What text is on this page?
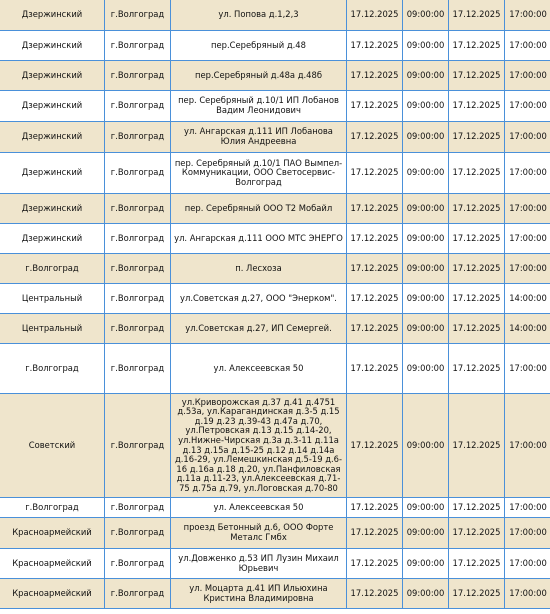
Дзержинский	г.Волгоград	ул. Попова д.1,2,3	17.12.2025	09:00:00	17.12.2025	17:00:00
Дзержинский	г.Волгоград	пер.Серебряный д.48	17.12.2025	09:00:00	17.12.2025	17:00:00
Дзержинский	г.Волгоград	пер.Серебряный д.48а д.48б	17.12.2025	09:00:00	17.12.2025	17:00:00
Дзержинский	г.Волгоград	пер. Серебряный д.10/1 ИП Лобанов Вадим Леонидович	17.12.2025	09:00:00	17.12.2025	17:00:00
Дзержинский	г.Волгоград	ул. Ангарская д.111 ИП Лобанова Юлия Андреевна	17.12.2025	09:00:00	17.12.2025	17:00:00
Дзержинский	г.Волгоград	пер. Серебряный д.10/1 ПАО Вымпел-Коммуникации, ООО Светосервис-Волгоград	17.12.2025	09:00:00	17.12.2025	17:00:00
Дзержинский	г.Волгоград	пер. Серебряный ООО Т2 Мобайл	17.12.2025	09:00:00	17.12.2025	17:00:00
Дзержинский	г.Волгоград	ул. Ангарская д.111 ООО МТС ЭНЕРГО	17.12.2025	09:00:00	17.12.2025	17:00:00
г.Волгоград	г.Волгоград	п. Лесхоза	17.12.2025	09:00:00	17.12.2025	17:00:00
Центральный	г.Волгоград	ул.Советская д.27, ООО "Энерком".	17.12.2025	09:00:00	17.12.2025	14:00:00
Центральный	г.Волгоград	ул.Советская д.27, ИП Семергей.	17.12.2025	09:00:00	17.12.2025	14:00:00
г.Волгоград	г.Волгоград	ул. Алексеевская 50	17.12.2025	09:00:00	17.12.2025	17:00:00
Советский	г.Волгоград	ул.Криворожская д.37 д.41 д.4751 д.53а, ул.Карагандинская д.3-5 д.15 д.19 д.23 д.39-43 д.47а д.70, ул.Петровская д.13 д.15 д.14-20, ул.Нижне-Чирская д.3а д.3-11 д.11а д.13 д.15а д.15-25 д.12 д.14 д.14а д.16-29, ул.Лемешкинская д.5-19 д.6-16 д.16а д.18 д.20, ул.Панфиловская д.11а д.11-23, ул.Алексеевская д.71-75 д.75а д.79, ул.Логовская д.70-80	17.12.2025	09:00:00	17.12.2025	17:00:00
г.Волгоград	г.Волгоград	ул. Алексеевская 50	17.12.2025	09:00:00	17.12.2025	17:00:00
Красноармейский	г.Волгоград	проезд Бетонный д.6, ООО Форте Металс Гмбх	17.12.2025	09:00:00	17.12.2025	17:00:00
Красноармейский	г.Волгоград	ул.Довженко д.53 ИП Лузин Михаил Юрьевич	17.12.2025	09:00:00	17.12.2025	17:00:00
Красноармейский	г.Волгоград	ул. Моцарта д.41 ИП Ильюхина Кристина Владимировна	17.12.2025	09:00:00	17.12.2025	17:00:00
